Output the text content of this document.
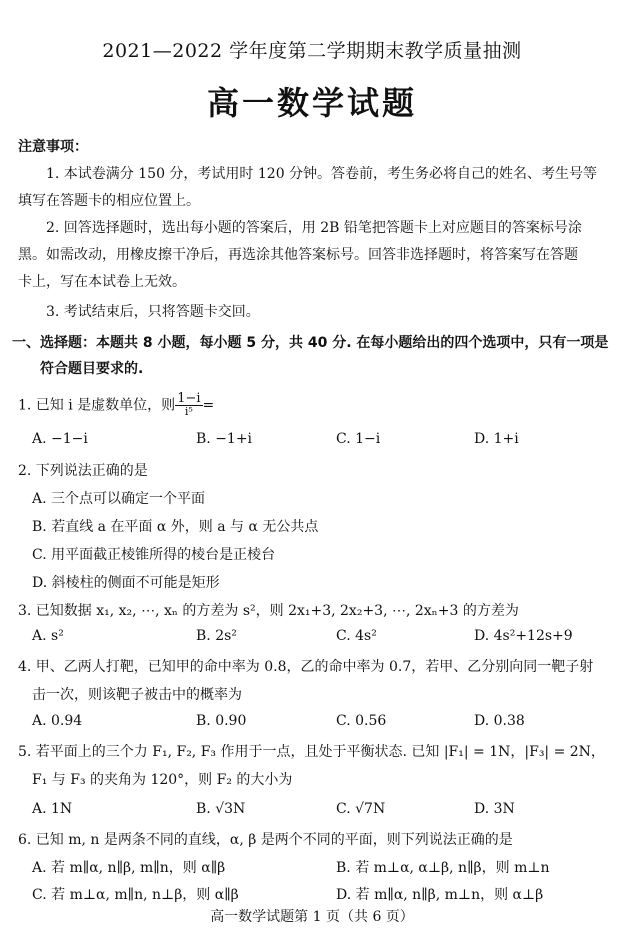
2021—2022 学年度第二学期期末教学质量抽测
高一数学试题
注意事项：
1. 本试卷满分 150 分，考试用时 120 分钟。答卷前，考生务必将自己的姓名、考生号等
填写在答题卡的相应位置上。
2. 回答选择题时，选出每小题的答案后，用 2B 铅笔把答题卡上对应题目的答案标号涂
黑。如需改动，用橡皮擦干净后，再选涂其他答案标号。回答非选择题时，将答案写在答题
卡上，写在本试卷上无效。
3. 考试结束后，只将答题卡交回。
一、选择题：本题共 8 小题，每小题 5 分，共 40 分. 在每小题给出的四个选项中，只有一项是
符合题目要求的.
1. 已知 i 是虚数单位，则 $\frac{1-i}{\text{i⁵}}$ =
A. −1−i	B. −1+i	C. 1−i	D. 1+i
2. 下列说法正确的是
A. 三个点可以确定一个平面
B. 若直线 a 在平面 α 外，则 a 与 α 无公共点
C. 用平面截正棱锥所得的棱台是正棱台
D. 斜棱柱的侧面不可能是矩形
3. 已知数据 x₁, x₂, ⋯, xₙ 的方差为 s²，则 2x₁+3, 2x₂+3, ⋯, 2xₙ+3 的方差为
A. s²	B. 2s²	C. 4s²	D. 4s²+12s+9
4. 甲、乙两人打靶，已知甲的命中率为 0.8，乙的命中率为 0.7，若甲、乙分别向同一靶子射
击一次，则该靶子被击中的概率为
A. 0.94	B. 0.90	C. 0.56	D. 0.38
5. 若平面上的三个力 F₁, F₂, F₃ 作用于一点，且处于平衡状态. 已知 |F₁| = 1N，|F₃| = 2N，
F₁ 与 F₃ 的夹角为 120°，则 F₂ 的大小为
A. 1N	B. √3N	C. √7N	D. 3N
6. 已知 m, n 是两条不同的直线，α, β 是两个不同的平面，则下列说法正确的是
A. 若 m∥α, n∥β, m∥n，则 α∥β	B. 若 m⊥α, α⊥β, n∥β，则 m⊥n
C. 若 m⊥α, m∥n, n⊥β，则 α∥β	D. 若 m∥α, n∥β, m⊥n，则 α⊥β
高一数学试题第 1 页（共 6 页）
